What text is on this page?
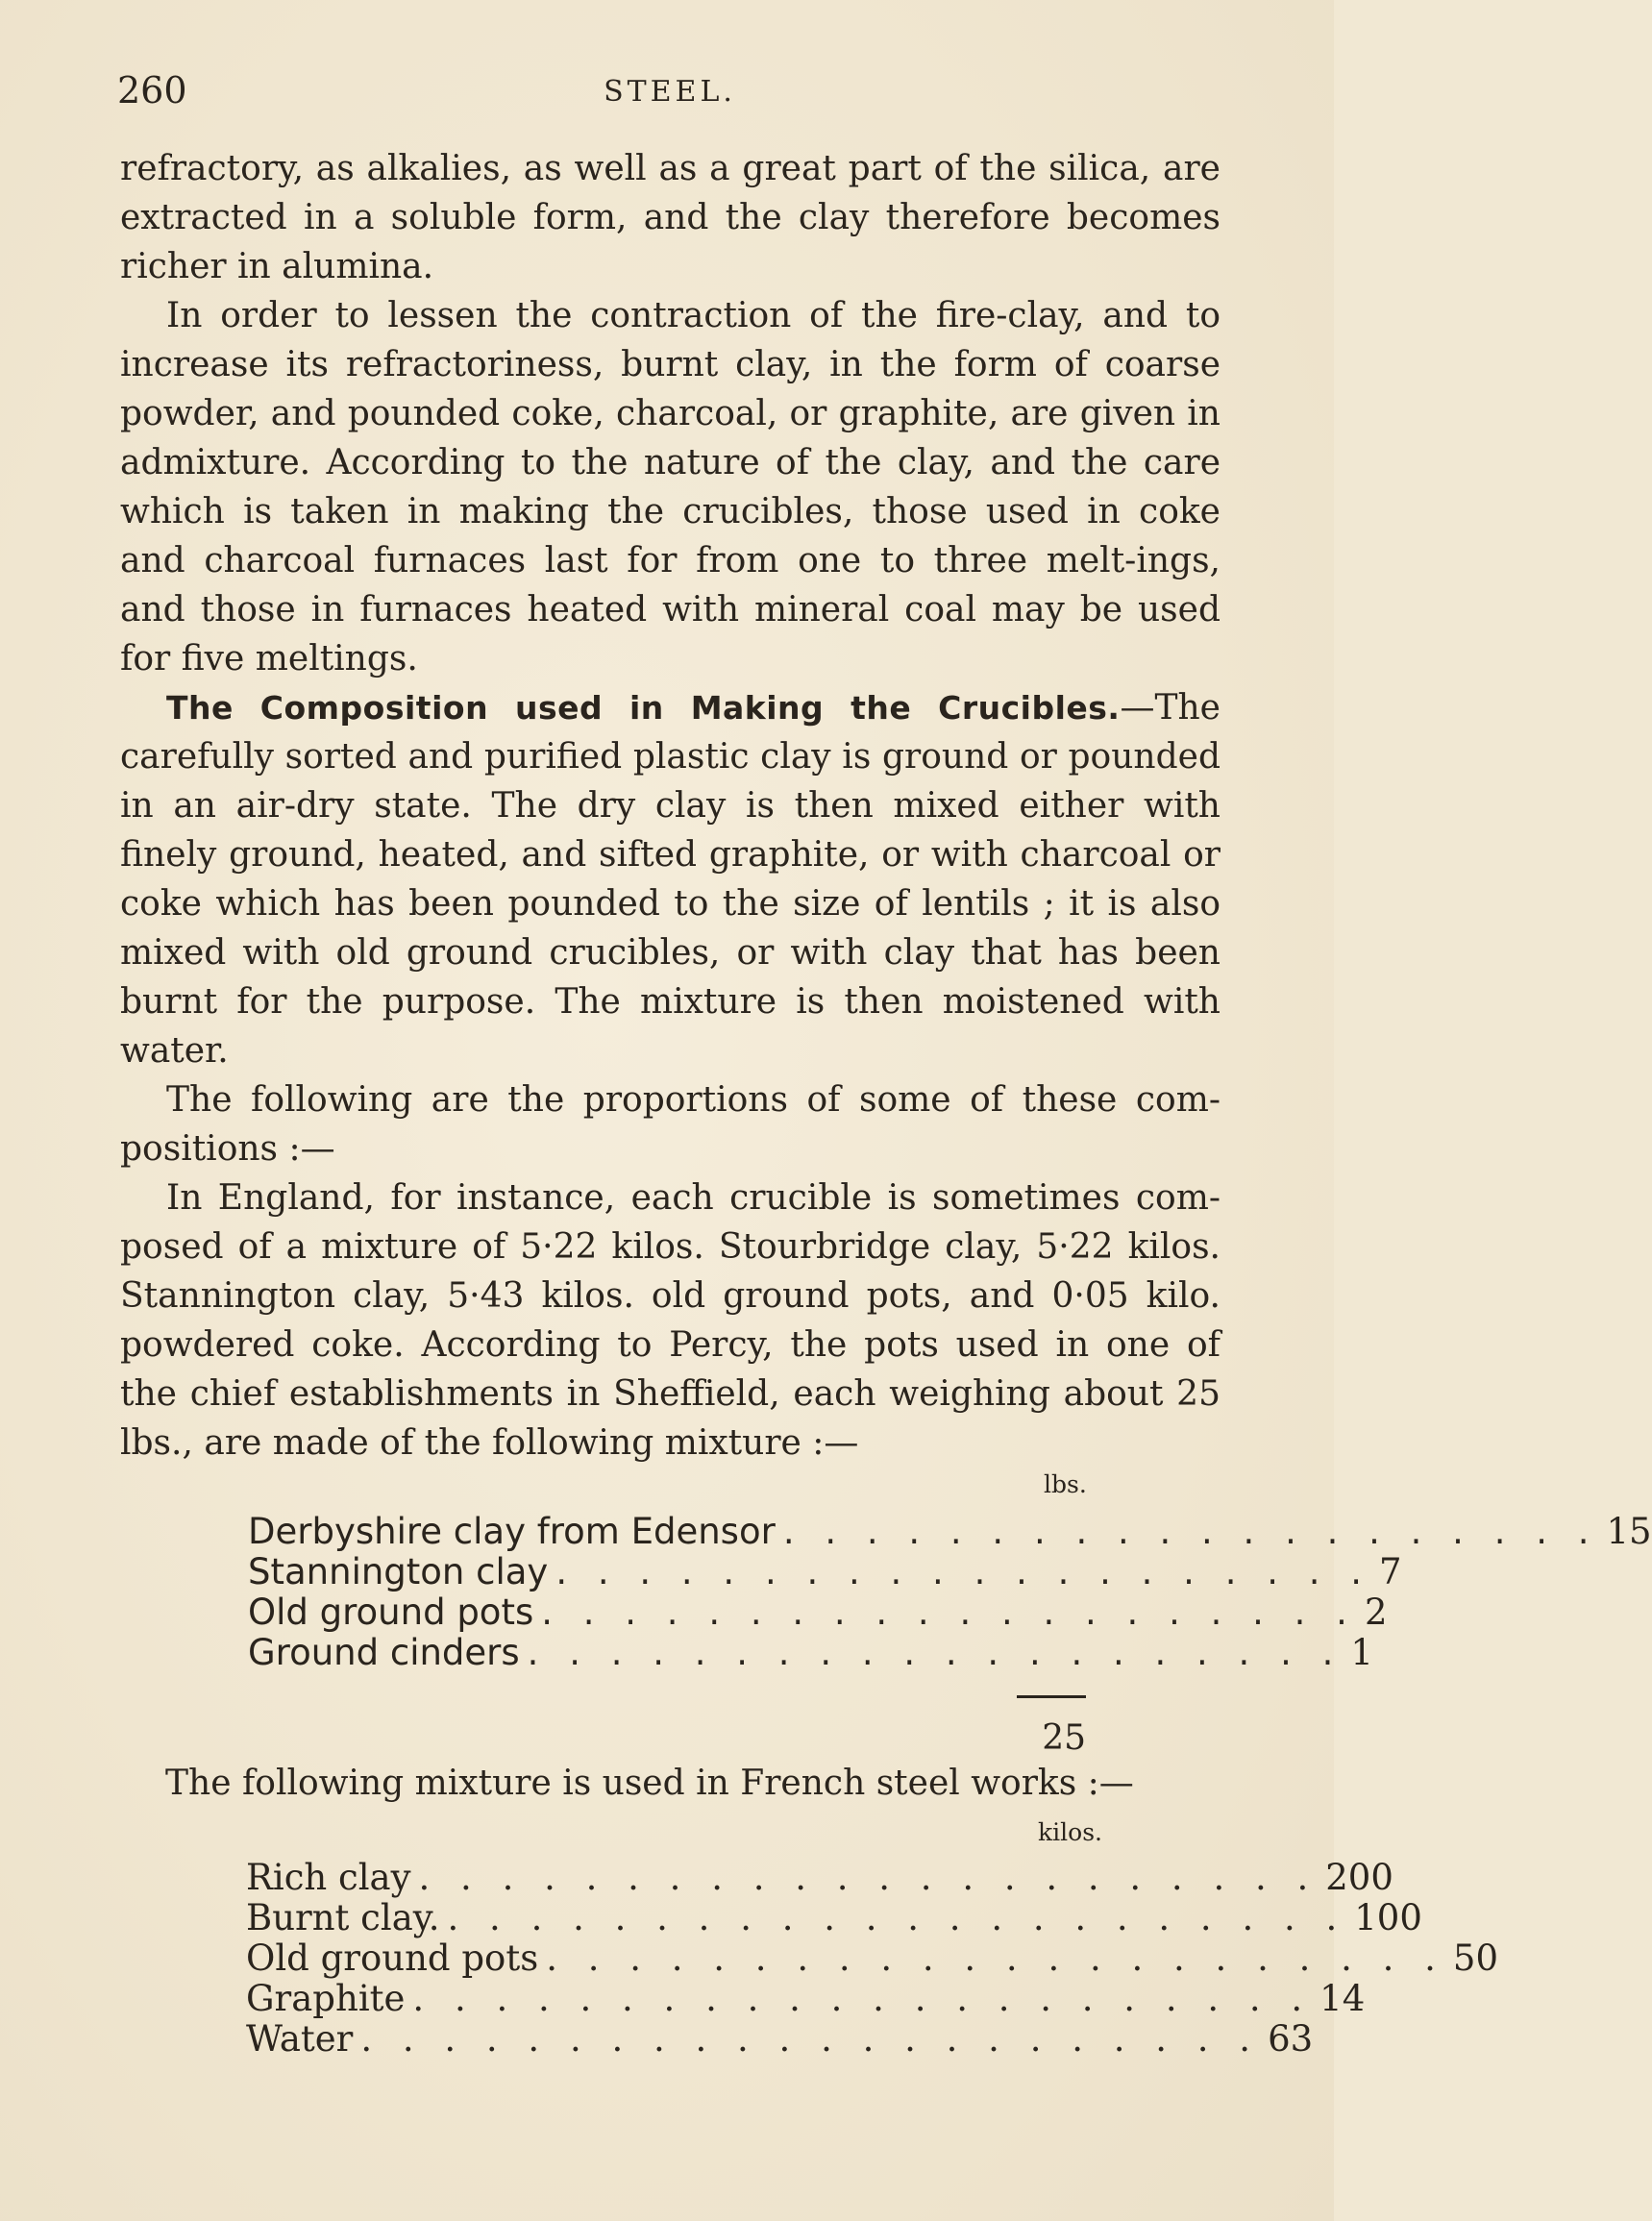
260	STEEL.

refractory, as alkalies, as well as a great part of the silica, are extracted in a soluble form, and the clay therefore becomes richer in alumina.

In order to lessen the contraction of the fire-clay, and to increase its refractoriness, burnt clay, in the form of coarse powder, and pounded coke, charcoal, or graphite, are given in admixture. According to the nature of the clay, and the care which is taken in making the crucibles, those used in coke and charcoal furnaces last for from one to three melt-ings, and those in furnaces heated with mineral coal may be used for five meltings.

The Composition used in Making the Crucibles.—The carefully sorted and purified plastic clay is ground or pounded in an air-dry state. The dry clay is then mixed either with finely ground, heated, and sifted graphite, or with charcoal or coke which has been pounded to the size of lentils ; it is also mixed with old ground crucibles, or with clay that has been burnt for the purpose. The mixture is then moistened with water.

The following are the proportions of some of these com-positions :—

In England, for instance, each crucible is sometimes com-posed of a mixture of 5·22 kilos. Stourbridge clay, 5·22 kilos. Stannington clay, 5·43 kilos. old ground pots, and 0·05 kilo. powdered coke. According to Percy, the pots used in one of the chief establishments in Sheffield, each weighing about 25 lbs., are made of the following mixture :—

lbs.
Derbyshire clay from Edensor . . . . . . . . . . . . . . . . . . . . 15
Stannington clay . . . . . . . . . . . . . . . . . . . . 7
Old ground pots . . . . . . . . . . . . . . . . . . . . 2
Ground cinders . . . . . . . . . . . . . . . . . . . . 1
25
The following mixture is used in French steel works :—
kilos.
Rich clay . . . . . . . . . . . . . . . . . . . . . . 200
Burnt clay. . . . . . . . . . . . . . . . . . . . . . . 100
Old ground pots . . . . . . . . . . . . . . . . . . . . . . 50
Graphite . . . . . . . . . . . . . . . . . . . . . . 14
Water . . . . . . . . . . . . . . . . . . . . . . 63
